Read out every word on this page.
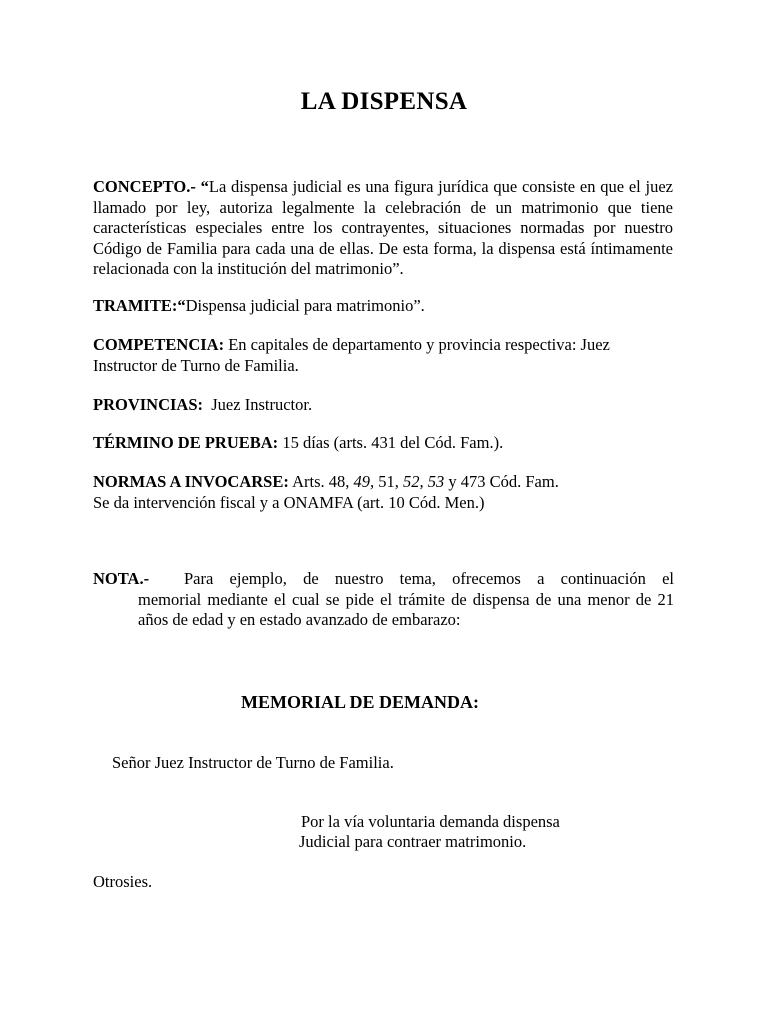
LA DISPENSA
CONCEPTO.- “La dispensa judicial es una figura jurídica que consiste en que el juez llamado por ley, autoriza legalmente la celebración de un matrimonio que tiene características especiales entre los contrayentes, situaciones normadas por nuestro Código de Familia para cada una de ellas. De esta forma, la dispensa está íntimamente relacionada con la institución del matrimonio”.
TRAMITE:“Dispensa judicial para matrimonio”.
COMPETENCIA: En capitales de departamento y provincia respectiva: Juez Instructor de Turno de Familia.
PROVINCIAS:  Juez Instructor.
TÉRMINO DE PRUEBA: 15 días (arts. 431 del Cód. Fam.).
NORMAS A INVOCARSE: Arts. 48, 49, 51, 52, 53 y 473 Cód. Fam.
Se da intervención fiscal y a ONAMFA (art. 10 Cód. Men.)
NOTA.-	Para ejemplo, de nuestro tema, ofrecemos a continuación el
memorial mediante el cual se pide el trámite de dispensa de una menor de 21 años de edad y en estado avanzado de embarazo:
MEMORIAL DE DEMANDA:
Señor Juez Instructor de Turno de Familia.
Por la vía voluntaria demanda dispensa
Judicial para contraer matrimonio.
Otrosies.
